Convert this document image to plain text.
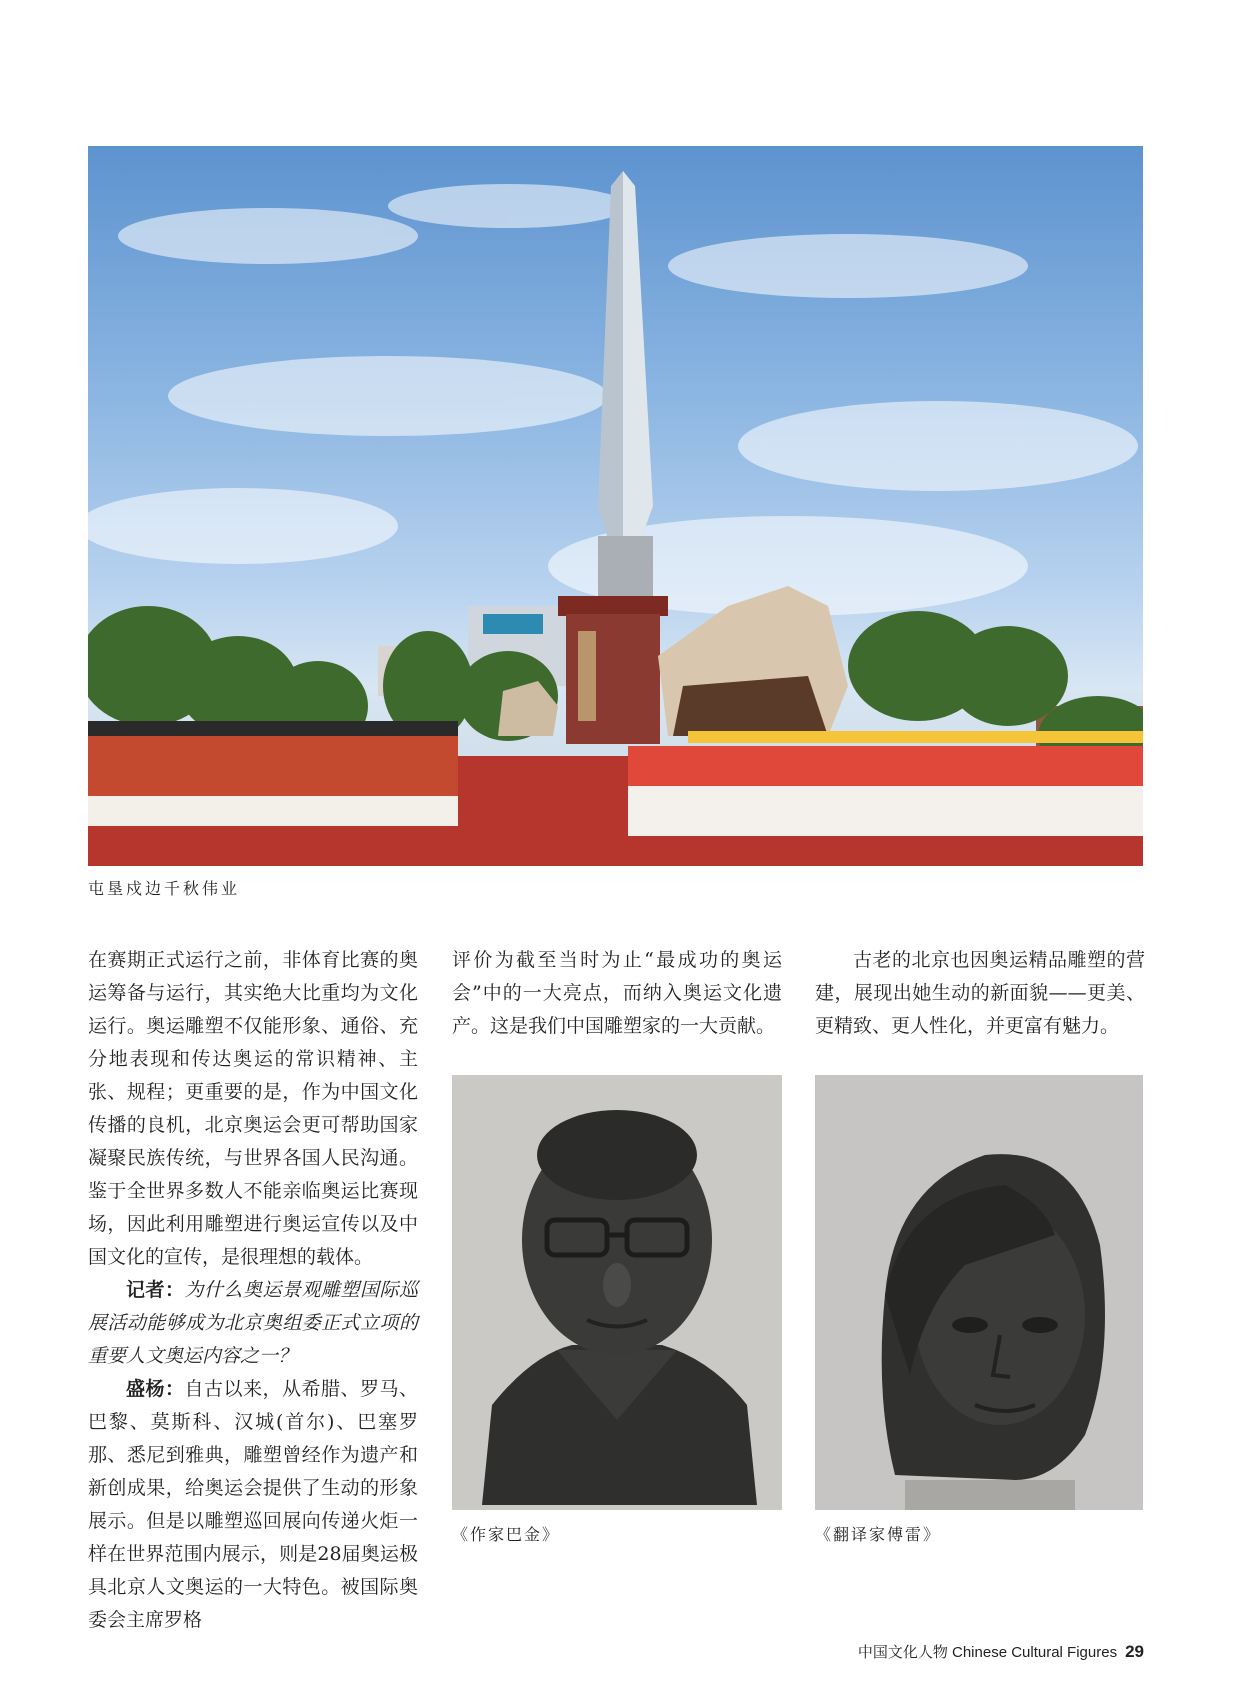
屯垦戍边千秋伟业

在赛期正式运行之前，非体育比赛的奥运筹备与运行，其实绝大比重均为文化运行。奥运雕塑不仅能形象、通俗、充分地表现和传达奥运的常识精神、主张、规程；更重要的是，作为中国文化传播的良机，北京奥运会更可帮助国家凝聚民族传统，与世界各国人民沟通。鉴于全世界多数人不能亲临奥运比赛现场，因此利用雕塑进行奥运宣传以及中国文化的宣传，是很理想的载体。

记者：为什么奥运景观雕塑国际巡展活动能够成为北京奥组委正式立项的重要人文奥运内容之一？

盛杨：自古以来，从希腊、罗马、巴黎、莫斯科、汉城(首尔)、巴塞罗那、悉尼到雅典，雕塑曾经作为遗产和新创成果，给奥运会提供了生动的形象展示。但是以雕塑巡回展向传递火炬一样在世界范围内展示，则是28届奥运极具北京人文奥运的一大特色。被国际奥委会主席罗格

评价为截至当时为止“最成功的奥运会”中的一大亮点，而纳入奥运文化遗产。这是我们中国雕塑家的一大贡献。

古老的北京也因奥运精品雕塑的营建，展现出她生动的新面貌——更美、更精致、更人性化，并更富有魅力。

《作家巴金》	《翻译家傅雷》
中国文化人物 Chinese Cultural Figures 29
